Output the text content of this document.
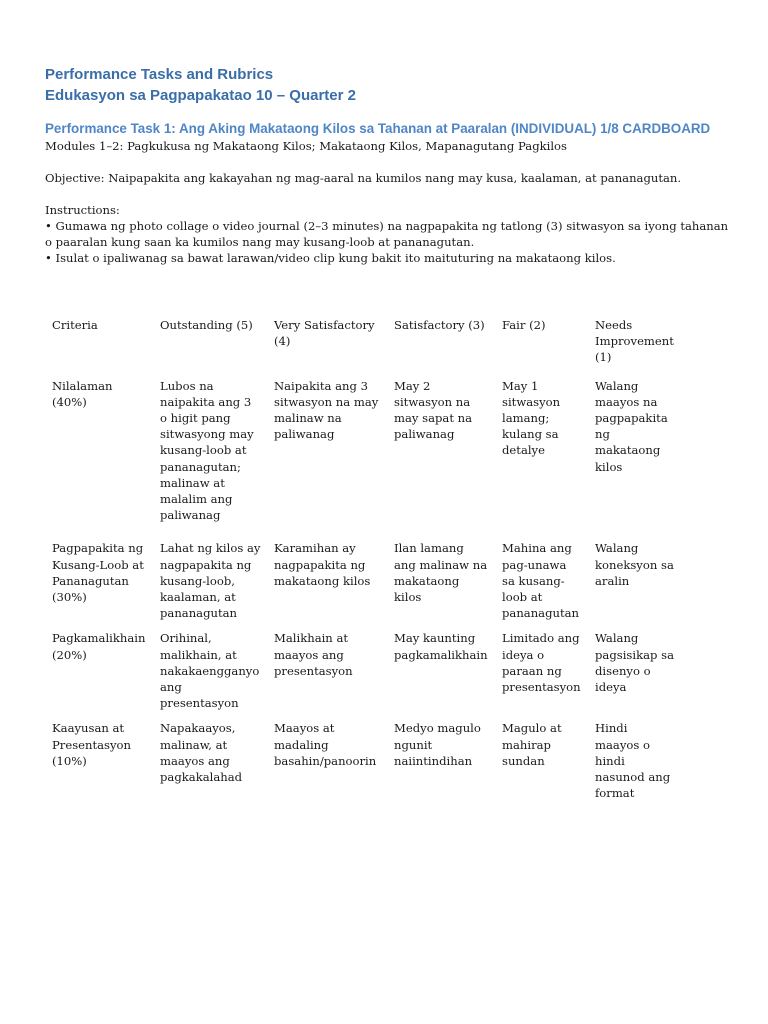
Performance Tasks and Rubrics

Edukasyon sa Pagpapakatao 10 – Quarter 2

Performance Task 1: Ang Aking Makataong Kilos sa Tahanan at Paaralan (INDIVIDUAL) 1/8 CARDBOARD

Modules 1–2: Pagkukusa ng Makataong Kilos; Makataong Kilos, Mapanagutang Pagkilos

Objective: Naipapakita ang kakayahan ng mag-aaral na kumilos nang may kusa, kaalaman, at pananagutan.

Instructions:

• Gumawa ng photo collage o video journal (2–3 minutes) na nagpapakita ng tatlong (3) sitwasyon sa iyong tahanan o paaralan kung saan ka kumilos nang may kusang-loob at pananagutan.

• Isulat o ipaliwanag sa bawat larawan/video clip kung bakit ito maituturing na makataong kilos.

Criteria	Outstanding (5)	Very Satisfactory (4)	Satisfactory (3)	Fair (2)	Needs Improvement (1)
Nilalaman (40%)	Lubos na naipakita ang 3 o higit pang sitwasyong may kusang-loob at pananagutan; malinaw at malalim ang paliwanag	Naipakita ang 3 sitwasyon na may malinaw na paliwanag	May 2 sitwasyon na may sapat na paliwanag	May 1 sitwasyon lamang; kulang sa detalye	Walang maayos na pagpapakita ng makataong kilos
Pagpapakita ng Kusang-Loob at Pananagutan (30%)	Lahat ng kilos ay nagpapakita ng kusang-loob, kaalaman, at pananagutan	Karamihan ay nagpapakita ng makataong kilos	Ilan lamang ang malinaw na makataong kilos	Mahina ang pag-unawa sa kusang-loob at pananagutan	Walang koneksyon sa aralin
Pagkamalikhain (20%)	Orihinal, malikhain, at nakakaengganyo ang presentasyon	Malikhain at maayos ang presentasyon	May kaunting pagkamalikhain	Limitado ang ideya o paraan ng presentasyon	Walang pagsisikap sa disenyo o ideya
Kaayusan at Presentasyon (10%)	Napakaayos, malinaw, at maayos ang pagkakalahad	Maayos at madaling basahin/panoorin	Medyo magulo ngunit naiintindihan	Magulo at mahirap sundan	Hindi maayos o hindi nasunod ang format
